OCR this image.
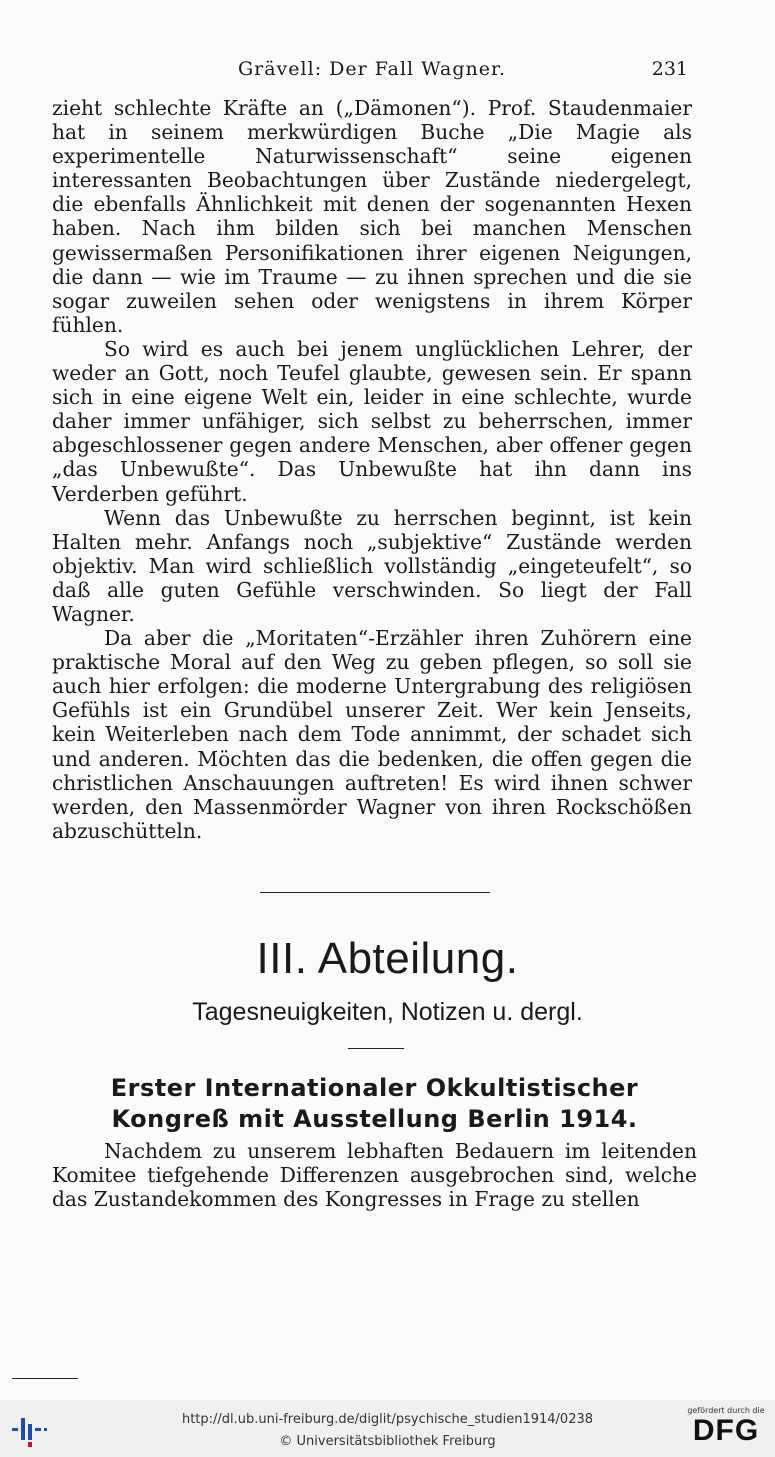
Grävell: Der Fall Wagner.	231

zieht schlechte Kräfte an („Dämonen“). Prof. Staudenmaier hat in seinem merkwürdigen Buche „Die Magie als experimentelle Naturwissenschaft“ seine eigenen interessanten Beobachtungen über Zustände niedergelegt, die ebenfalls Ähnlichkeit mit denen der sogenannten Hexen haben. Nach ihm bilden sich bei manchen Menschen gewissermaßen Personifikationen ihrer eigenen Neigungen, die dann — wie im Traume — zu ihnen sprechen und die sie sogar zuweilen sehen oder wenigstens in ihrem Körper fühlen.

So wird es auch bei jenem unglücklichen Lehrer, der weder an Gott, noch Teufel glaubte, gewesen sein. Er spann sich in eine eigene Welt ein, leider in eine schlechte, wurde daher immer unfähiger, sich selbst zu beherrschen, immer abgeschlossener gegen andere Menschen, aber offener gegen „das Unbewußte“. Das Unbewußte hat ihn dann ins Verderben geführt.

Wenn das Unbewußte zu herrschen beginnt, ist kein Halten mehr. Anfangs noch „subjektive“ Zustände werden objektiv. Man wird schließlich vollständig „eingeteufelt“, so daß alle guten Gefühle verschwinden. So liegt der Fall Wagner.

Da aber die „Moritaten“-Erzähler ihren Zuhörern eine praktische Moral auf den Weg zu geben pflegen, so soll sie auch hier erfolgen: die moderne Untergrabung des religiösen Gefühls ist ein Grundübel unserer Zeit. Wer kein Jenseits, kein Weiterleben nach dem Tode annimmt, der schadet sich und anderen. Möchten das die bedenken, die offen gegen die christlichen Anschauungen auftreten! Es wird ihnen schwer werden, den Massenmörder Wagner von ihren Rockschößen abzuschütteln.

III. Abteilung.
Tagesneuigkeiten, Notizen u. dergl.
Erster Internationaler Okkultistischer
Kongreß mit Ausstellung Berlin 1914.

Nachdem zu unserem lebhaften Bedauern im leitenden Komitee tiefgehende Differenzen ausgebrochen sind, welche das Zustandekommen des Kongresses in Frage zu stellen

http://dl.ub.uni-freiburg.de/diglit/psychische_studien1914/0238
© Universitätsbibliothek Freiburg
gefördert durch die
DFG
